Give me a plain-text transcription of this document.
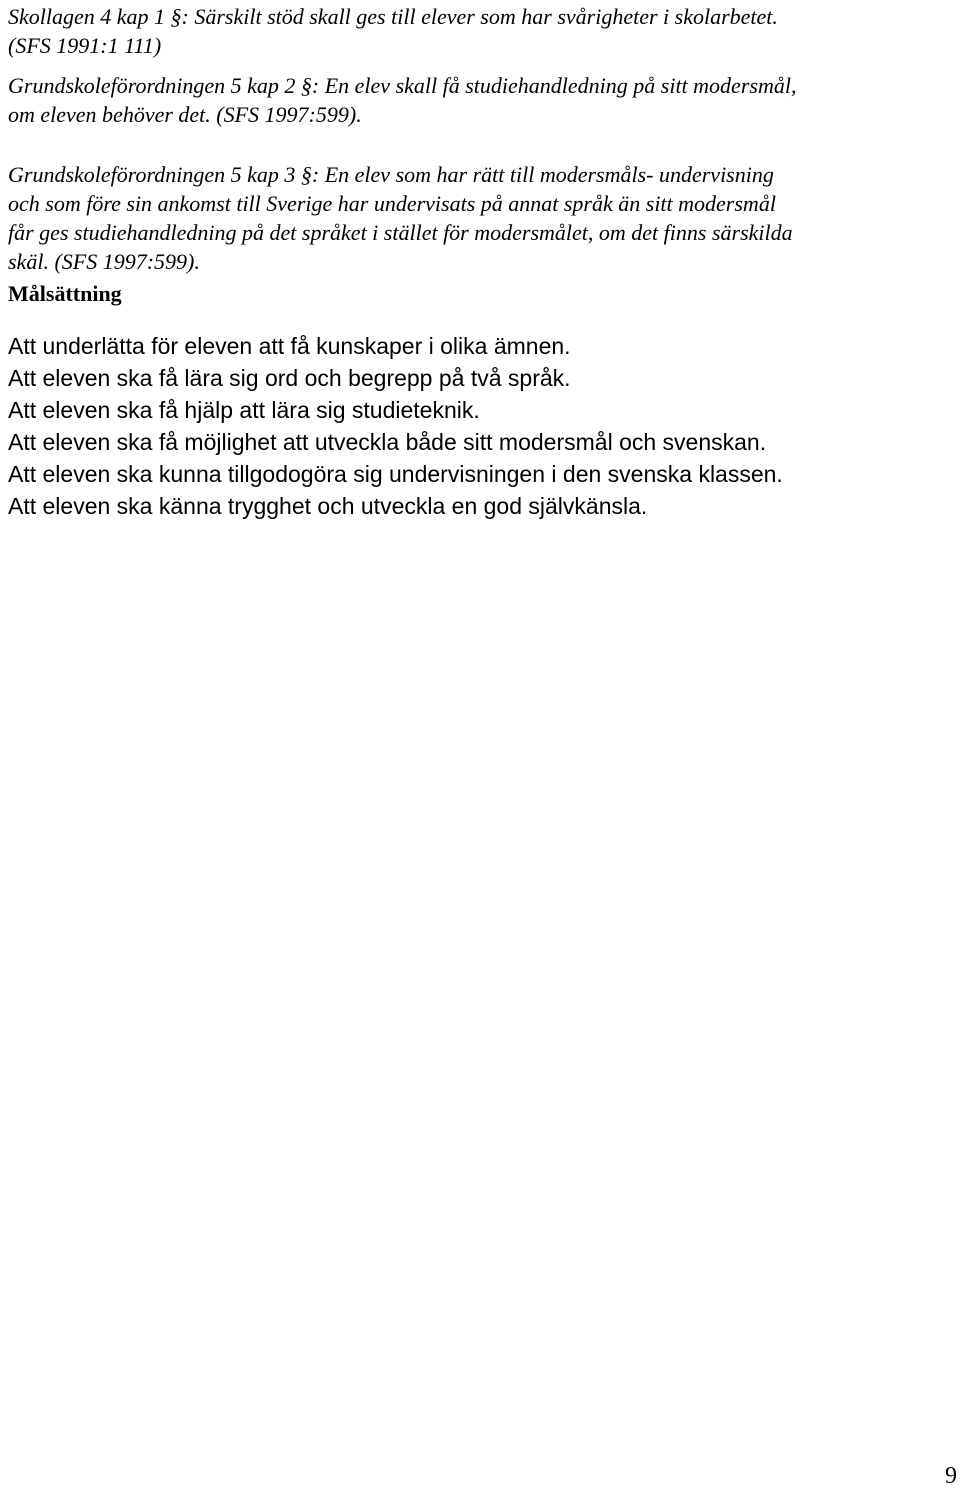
Skollagen 4 kap 1 §: Särskilt stöd skall ges till elever som har svårigheter i skolarbetet.
(SFS 1991:1 111)

Grundskoleförordningen 5 kap 2 §: En elev skall få studiehandledning på sitt modersmål,
om eleven behöver det. (SFS 1997:599).

Grundskoleförordningen 5 kap 3 §: En elev som har rätt till modersmåls- undervisning
och som före sin ankomst till Sverige har undervisats på annat språk än sitt modersmål
får ges studiehandledning på det språket i stället för modersmålet, om det finns särskilda
skäl. (SFS 1997:599).

Målsättning
Att underlätta för eleven att få kunskaper i olika ämnen.
Att eleven ska få lära sig ord och begrepp på två språk.
Att eleven ska få hjälp att lära sig studieteknik.
Att eleven ska få möjlighet att utveckla både sitt modersmål och svenskan.
Att eleven ska kunna tillgodogöra sig undervisningen i den svenska klassen.
Att eleven ska känna trygghet och utveckla en god självkänsla.
9
